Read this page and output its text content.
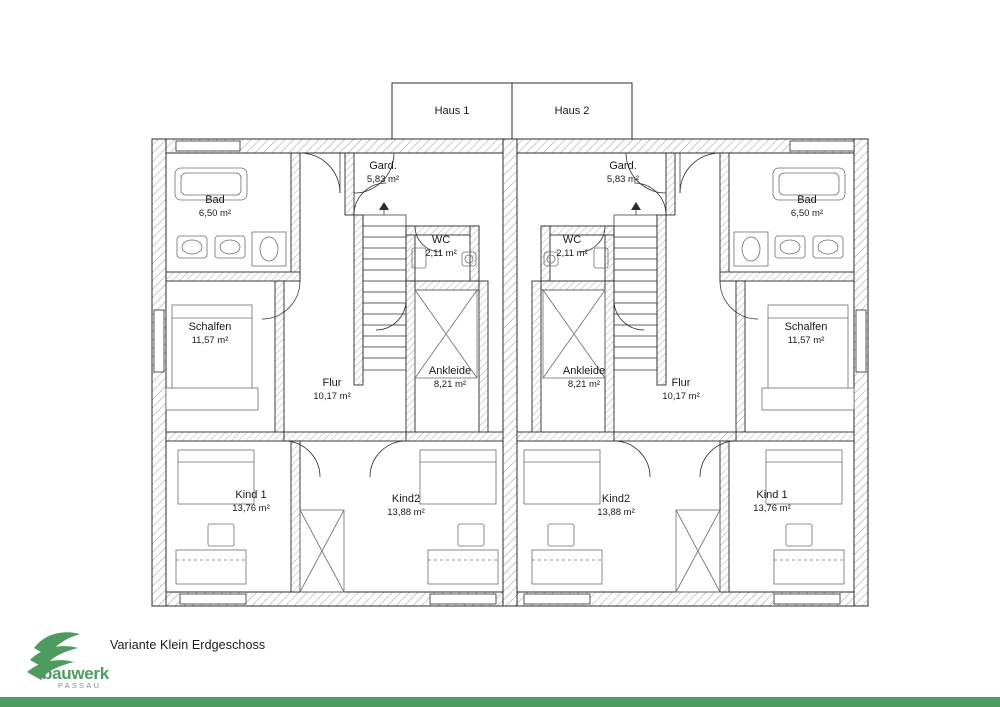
Haus 1	Haus 2
Bad
6,50 m²
Gard.
5,83 m²
WC
2,11 m²
Schalfen
11,57 m²
Flur
10,17 m²
Ankleide
8,21 m²
Kind 1
13,76 m²
Kind2
13,88 m²
Bad
6,50 m²
Gard.
5,83 m²
WC
2,11 m²
Schalfen
11,57 m²
Flur
10,17 m²
Ankleide
8,21 m²
Kind 1
13,76 m²
Kind2
13,88 m²
bauwerk
PASSAU
Variante Klein Erdgeschoss
